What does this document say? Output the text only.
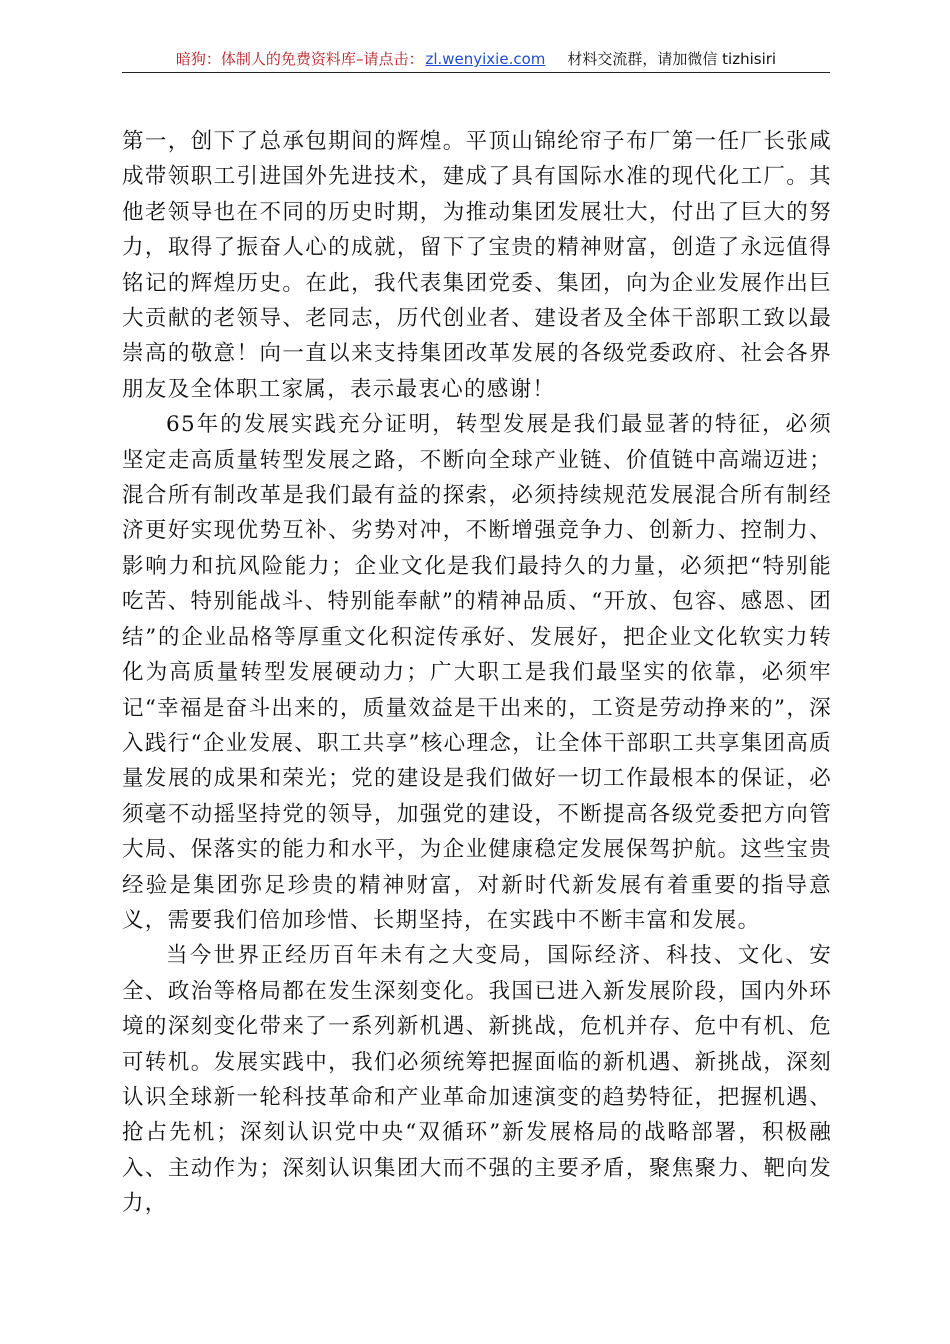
暗狗：体制人的免费资料库–请点击： zl.wenyixie.com 材料交流群，请加微信 tizhisiri

第一，创下了总承包期间的辉煌。平顶山锦纶帘子布厂第一任厂长张咸成带领职工引进国外先进技术，建成了具有国际水准的现代化工厂。其他老领导也在不同的历史时期，为推动集团发展壮大，付出了巨大的努力，取得了振奋人心的成就，留下了宝贵的精神财富，创造了永远值得铭记的辉煌历史。在此，我代表集团党委、集团，向为企业发展作出巨大贡献的老领导、老同志，历代创业者、建设者及全体干部职工致以最崇高的敬意！向一直以来支持集团改革发展的各级党委政府、社会各界朋友及全体职工家属，表示最衷心的感谢！

65年的发展实践充分证明，转型发展是我们最显著的特征，必须坚定走高质量转型发展之路，不断向全球产业链、价值链中高端迈进；混合所有制改革是我们最有益的探索，必须持续规范发展混合所有制经济更好实现优势互补、劣势对冲，不断增强竞争力、创新力、控制力、影响力和抗风险能力；企业文化是我们最持久的力量，必须把“特别能吃苦、特别能战斗、特别能奉献”的精神品质、“开放、包容、感恩、团结”的企业品格等厚重文化积淀传承好、发展好，把企业文化软实力转化为高质量转型发展硬动力；广大职工是我们最坚实的依靠，必须牢记“幸福是奋斗出来的，质量效益是干出来的，工资是劳动挣来的”，深入践行“企业发展、职工共享”核心理念，让全体干部职工共享集团高质量发展的成果和荣光；党的建设是我们做好一切工作最根本的保证，必须毫不动摇坚持党的领导，加强党的建设，不断提高各级党委把方向管大局、保落实的能力和水平，为企业健康稳定发展保驾护航。这些宝贵经验是集团弥足珍贵的精神财富，对新时代新发展有着重要的指导意义，需要我们倍加珍惜、长期坚持，在实践中不断丰富和发展。

当今世界正经历百年未有之大变局，国际经济、科技、文化、安全、政治等格局都在发生深刻变化。我国已进入新发展阶段，国内外环境的深刻变化带来了一系列新机遇、新挑战，危机并存、危中有机、危可转机。发展实践中，我们必须统筹把握面临的新机遇、新挑战，深刻认识全球新一轮科技革命和产业革命加速演变的趋势特征，把握机遇、抢占先机；深刻认识党中央“双循环”新发展格局的战略部署，积极融入、主动作为；深刻认识集团大而不强的主要矛盾，聚焦聚力、靶向发力，
